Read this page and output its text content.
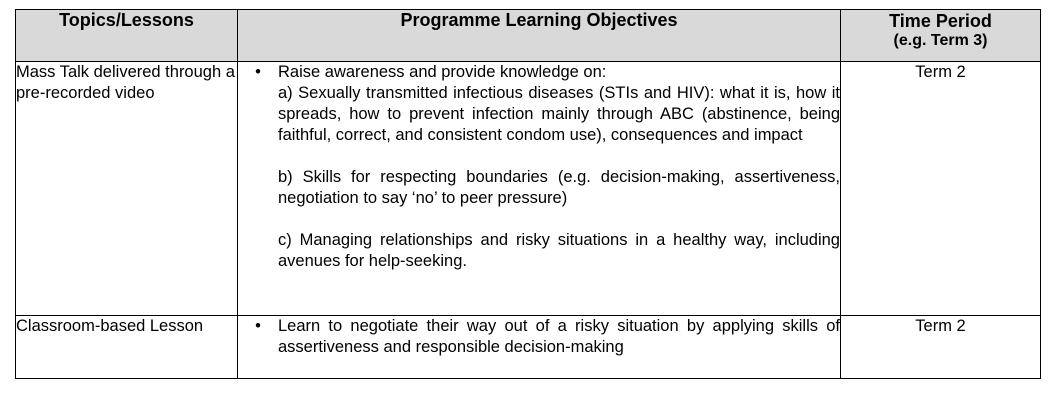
Topics/Lessons	Programme Learning Objectives	Time Period
(e.g. Term 3)

Mass Talk delivered through a pre-recorded video	• Raise awareness and provide knowledge on:
a) Sexually transmitted infectious diseases (STIs and HIV): what it is, how it spreads, how to prevent infection mainly through ABC (abstinence, being faithful, correct, and consistent condom use), consequences and impact
b) Skills for respecting boundaries (e.g. decision-making, assertiveness, negotiation to say ‘no’ to peer pressure)
c) Managing relationships and risky situations in a healthy way, including avenues for help-seeking.	Term 2
Classroom-based Lesson	• Learn to negotiate their way out of a risky situation by applying skills of assertiveness and responsible decision-making	Term 2
